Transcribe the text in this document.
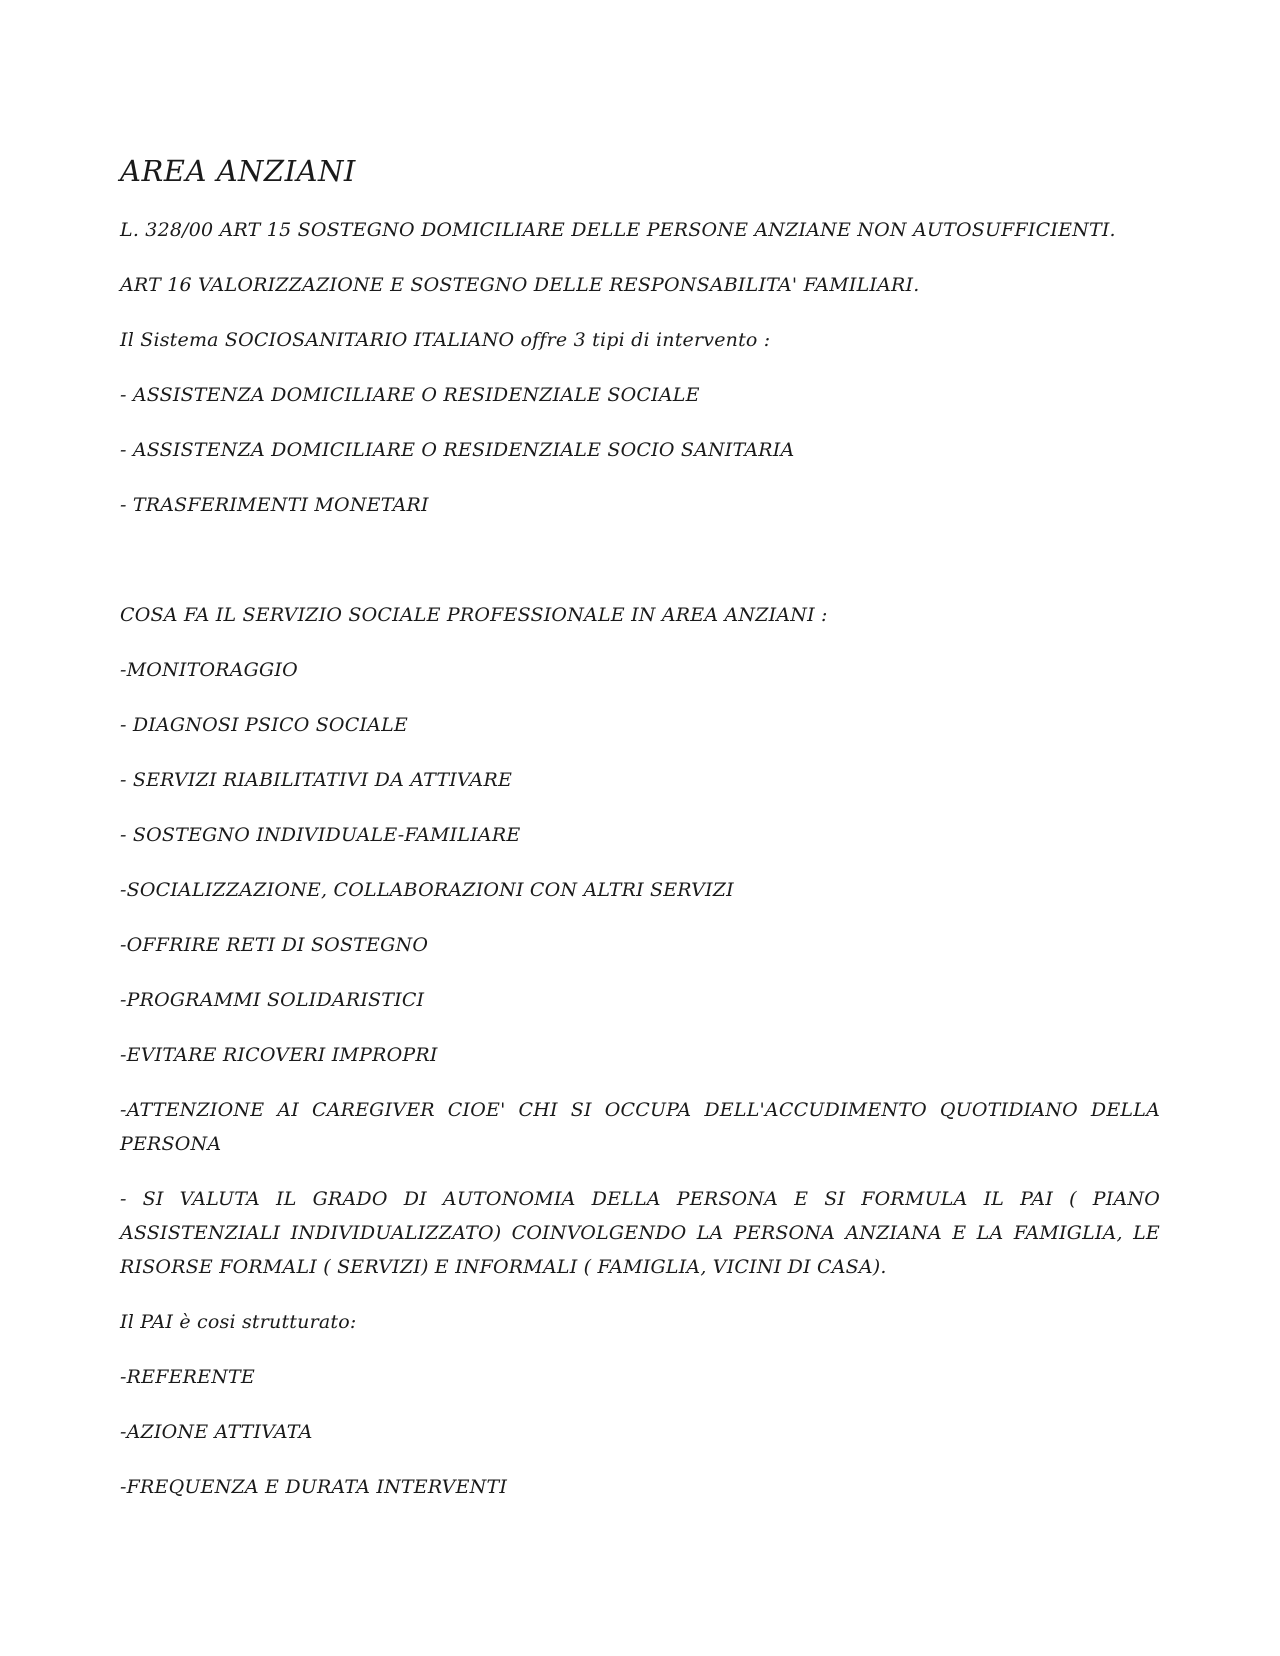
AREA ANZIANI

L. 328/00 ART 15 SOSTEGNO DOMICILIARE DELLE PERSONE ANZIANE NON AUTOSUFFICIENTI.

ART 16 VALORIZZAZIONE E SOSTEGNO DELLE RESPONSABILITA' FAMILIARI.

Il Sistema SOCIOSANITARIO ITALIANO offre 3 tipi di intervento :

- ASSISTENZA DOMICILIARE O RESIDENZIALE SOCIALE

- ASSISTENZA DOMICILIARE O RESIDENZIALE SOCIO SANITARIA

- TRASFERIMENTI MONETARI

COSA FA IL SERVIZIO SOCIALE PROFESSIONALE IN AREA ANZIANI :

-MONITORAGGIO

- DIAGNOSI PSICO SOCIALE

- SERVIZI RIABILITATIVI DA ATTIVARE

- SOSTEGNO INDIVIDUALE-FAMILIARE

-SOCIALIZZAZIONE, COLLABORAZIONI CON ALTRI SERVIZI

-OFFRIRE RETI DI SOSTEGNO

-PROGRAMMI SOLIDARISTICI

-EVITARE RICOVERI IMPROPRI

-ATTENZIONE AI CAREGIVER CIOE' CHI SI OCCUPA DELL'ACCUDIMENTO QUOTIDIANO DELLA PERSONA

- SI VALUTA IL GRADO DI AUTONOMIA DELLA PERSONA E SI FORMULA IL PAI ( PIANO ASSISTENZIALI INDIVIDUALIZZATO) COINVOLGENDO LA PERSONA ANZIANA E LA FAMIGLIA, LE RISORSE FORMALI ( SERVIZI) E INFORMALI ( FAMIGLIA, VICINI DI CASA).

Il PAI è cosi strutturato:

-REFERENTE

-AZIONE ATTIVATA

-FREQUENZA E DURATA INTERVENTI
